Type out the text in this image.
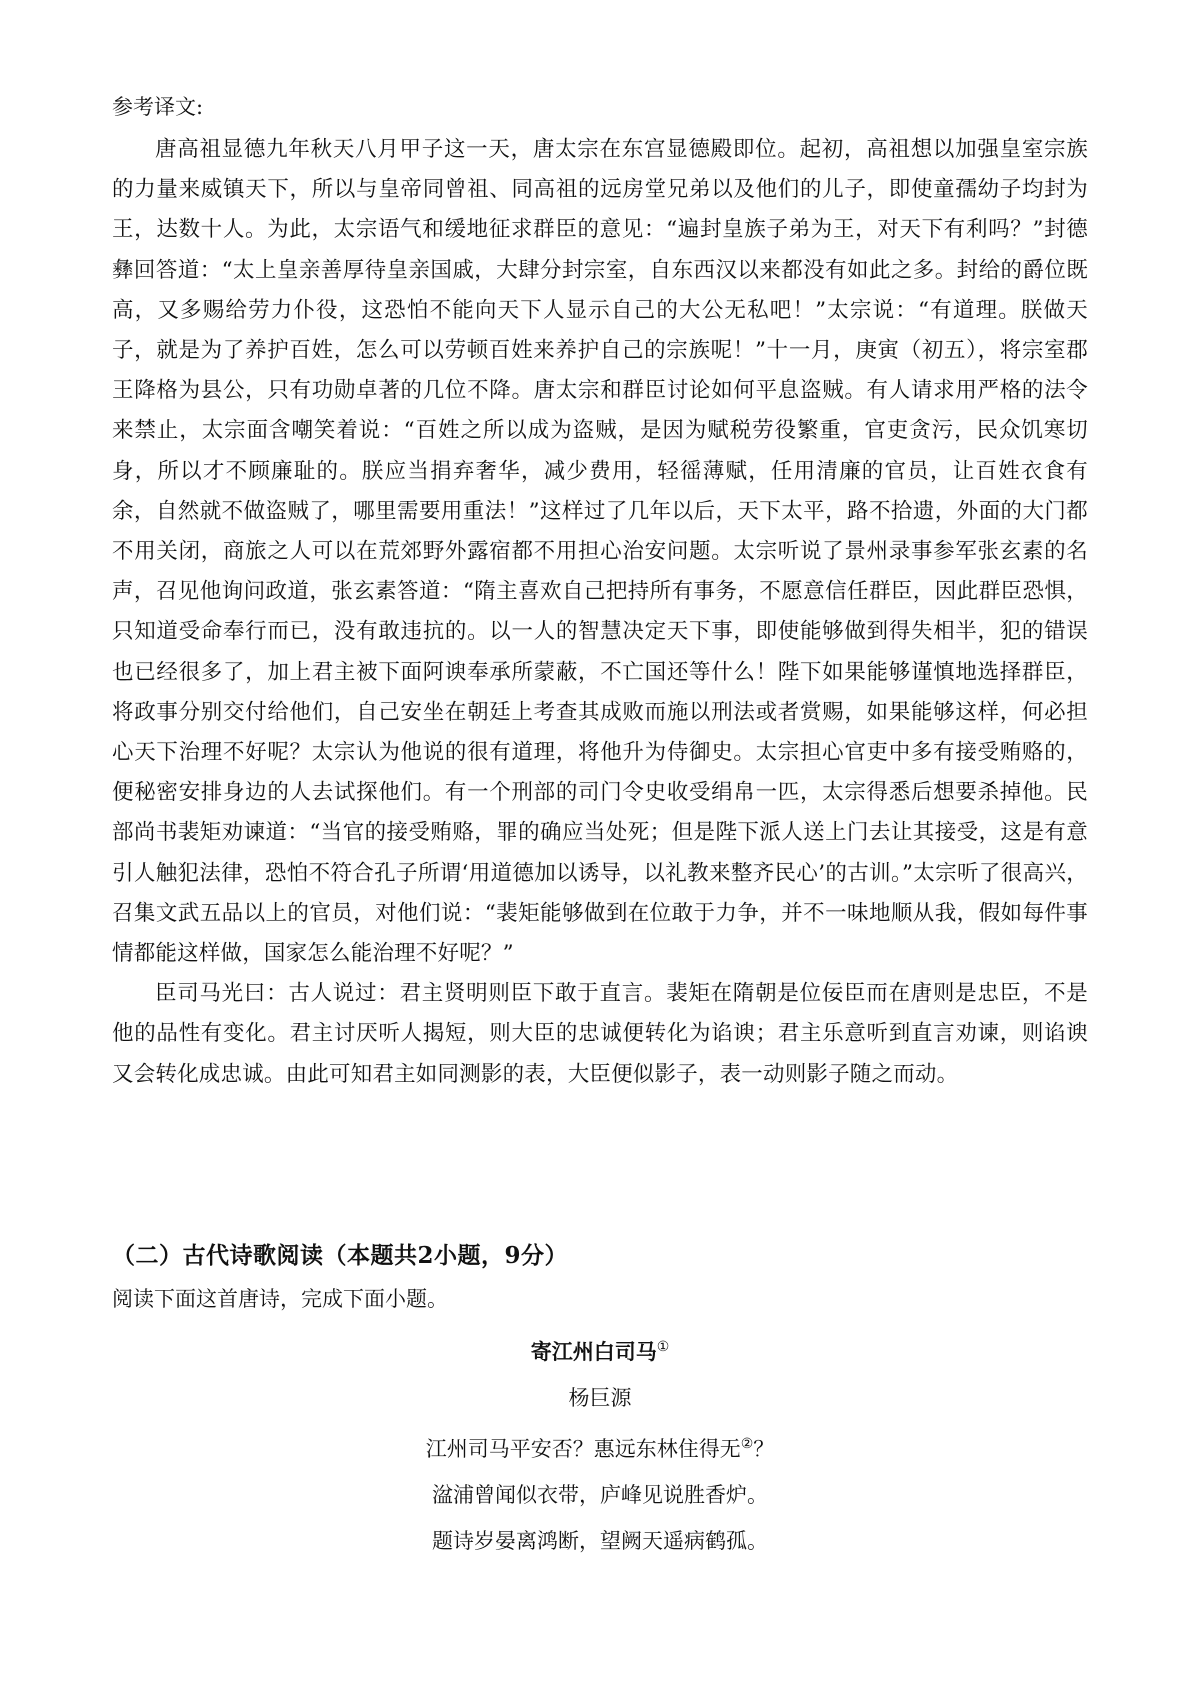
参考译文:

唐高祖显德九年秋天八月甲子这一天，唐太宗在东宫显德殿即位。起初，高祖想以加强皇室宗族的力量来威镇天下，所以与皇帝同曾祖、同高祖的远房堂兄弟以及他们的儿子，即使童孺幼子均封为王，达数十人。为此，太宗语气和缓地征求群臣的意见：“遍封皇族子弟为王，对天下有利吗？”封德彝回答道：“太上皇亲善厚待皇亲国戚，大肆分封宗室，自东西汉以来都没有如此之多。封给的爵位既高，又多赐给劳力仆役，这恐怕不能向天下人显示自己的大公无私吧！”太宗说：“有道理。朕做天子，就是为了养护百姓，怎么可以劳顿百姓来养护自己的宗族呢！”十一月，庚寅（初五），将宗室郡王降格为县公，只有功勋卓著的几位不降。唐太宗和群臣讨论如何平息盗贼。有人请求用严格的法令来禁止，太宗面含嘲笑着说：“百姓之所以成为盗贼，是因为赋税劳役繁重，官吏贪污，民众饥寒切身，所以才不顾廉耻的。朕应当捐弃奢华，减少费用，轻徭薄赋，任用清廉的官员，让百姓衣食有余，自然就不做盗贼了，哪里需要用重法！”这样过了几年以后，天下太平，路不拾遗，外面的大门都不用关闭，商旅之人可以在荒郊野外露宿都不用担心治安问题。太宗听说了景州录事参军张玄素的名声，召见他询问政道，张玄素答道：“隋主喜欢自己把持所有事务，不愿意信任群臣，因此群臣恐惧，只知道受命奉行而已，没有敢违抗的。以一人的智慧决定天下事，即使能够做到得失相半，犯的错误也已经很多了，加上君主被下面阿谀奉承所蒙蔽，不亡国还等什么！陛下如果能够谨慎地选择群臣，将政事分别交付给他们，自己安坐在朝廷上考查其成败而施以刑法或者赏赐，如果能够这样，何必担心天下治理不好呢？太宗认为他说的很有道理，将他升为侍御史。太宗担心官吏中多有接受贿赂的，便秘密安排身边的人去试探他们。有一个刑部的司门令史收受绢帛一匹，太宗得悉后想要杀掉他。民部尚书裴矩劝谏道：“当官的接受贿赂，罪的确应当处死；但是陛下派人送上门去让其接受，这是有意引人触犯法律，恐怕不符合孔子所谓‘用道德加以诱导，以礼教来整齐民心’的古训。”太宗听了很高兴，召集文武五品以上的官员，对他们说：“裴矩能够做到在位敢于力争，并不一味地顺从我，假如每件事情都能这样做，国家怎么能治理不好呢？”

臣司马光曰：古人说过：君主贤明则臣下敢于直言。裴矩在隋朝是位佞臣而在唐则是忠臣，不是他的品性有变化。君主讨厌听人揭短，则大臣的忠诚便转化为谄谀；君主乐意听到直言劝谏，则谄谀又会转化成忠诚。由此可知君主如同测影的表，大臣便似影子，表一动则影子随之而动。

（二）古代诗歌阅读（本题共2小题，9分）
阅读下面这首唐诗，完成下面小题。
寄江州白司马①
杨巨源
江州司马平安否？惠远东林住得无②？
湓浦曾闻似衣带，庐峰见说胜香炉。
题诗岁晏离鸿断，望阙天遥病鹤孤。
